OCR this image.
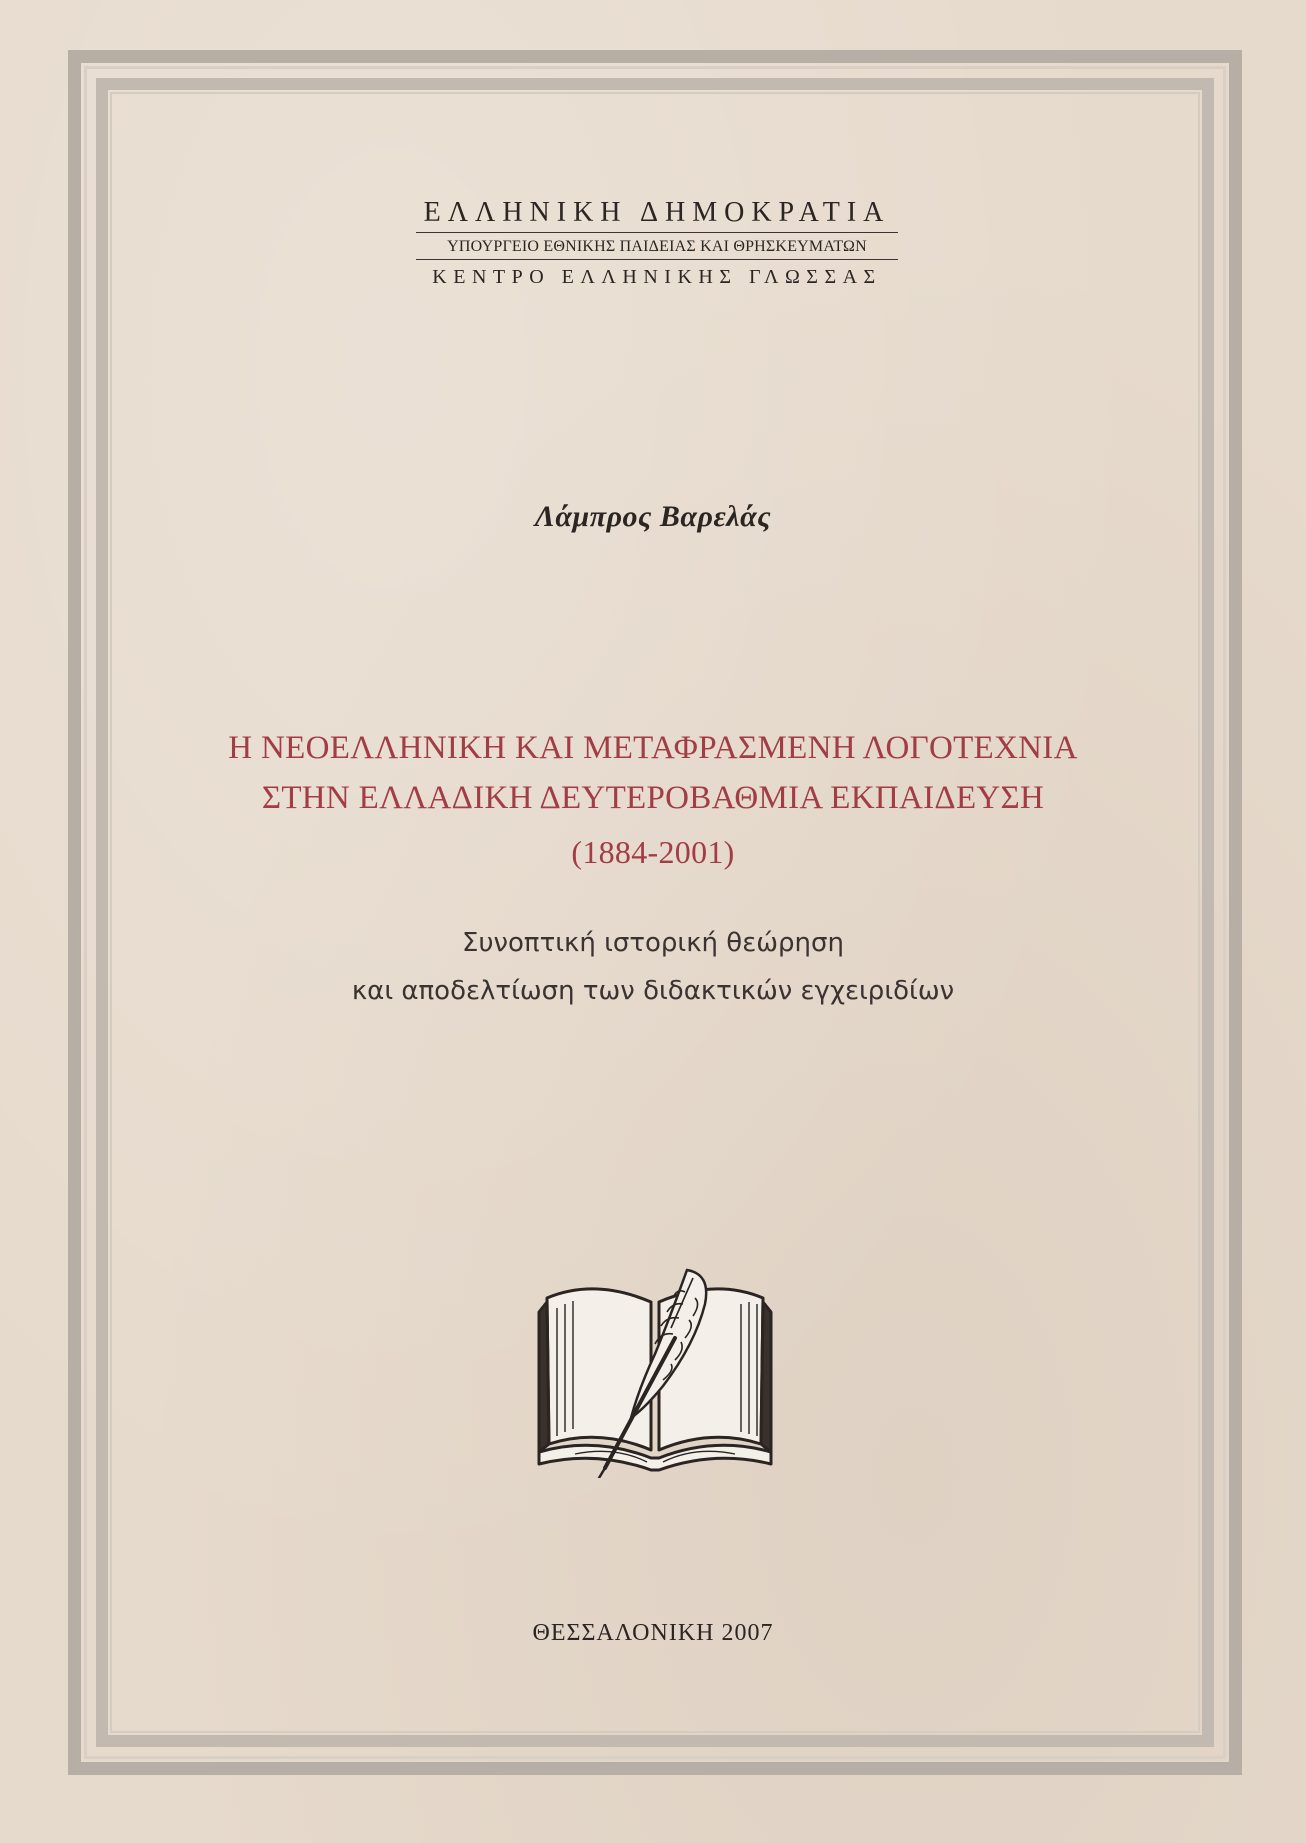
ΕΛΛΗΝΙΚΗ ΔΗΜΟΚΡΑΤΙΑ

ΥΠΟΥΡΓΕΙΟ ΕΘΝΙΚΗΣ ΠΑΙΔΕΙΑΣ ΚΑΙ ΘΡΗΣΚΕΥΜΑΤΩΝ

ΚΕΝΤΡΟ ΕΛΛΗΝΙΚΗΣ ΓΛΩΣΣΑΣ

Λάμπρος Βαρελάς

Η ΝΕΟΕΛΛΗΝΙΚΗ ΚΑΙ ΜΕΤΑΦΡΑΣΜΕΝΗ ΛΟΓΟΤΕΧΝΙΑ

ΣΤΗΝ ΕΛΛΑΔΙΚΗ ΔΕΥΤΕΡΟΒΑΘΜΙΑ ΕΚΠΑΙΔΕΥΣΗ

(1884-2001)

Συνοπτική ιστορική θεώρηση

και αποδελτίωση των διδακτικών εγχειριδίων

ΘΕΣΣΑΛΟΝΙΚΗ 2007
